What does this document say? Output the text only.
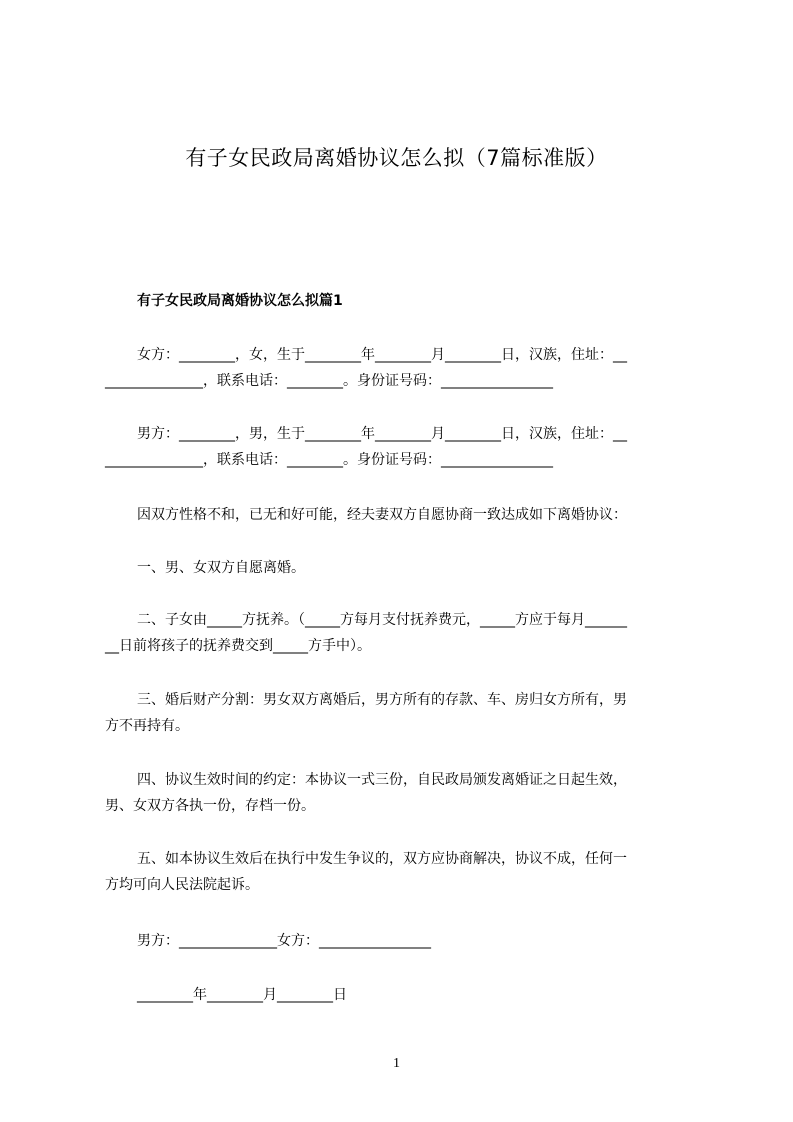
有子女民政局离婚协议怎么拟（7篇标准版）
有子女民政局离婚协议怎么拟篇1
女方：________，女，生于________年________月________日，汉族，住址：__
______________，联系电话：________。身份证号码：________________
男方：________，男，生于________年________月________日，汉族，住址：__
______________，联系电话：________。身份证号码：________________
因双方性格不和，已无和好可能，经夫妻双方自愿协商一致达成如下离婚协议：
一、男、女双方自愿离婚。
二、子女由_____方抚养。（_____方每月支付抚养费元，_____方应于每月______
__日前将孩子的抚养费交到_____方手中）。
三、婚后财产分割：男女双方离婚后，男方所有的存款、车、房归女方所有，男
方不再持有。
四、协议生效时间的约定：本协议一式三份，自民政局颁发离婚证之日起生效，
男、女双方各执一份，存档一份。
五、如本协议生效后在执行中发生争议的，双方应协商解决，协议不成，任何一
方均可向人民法院起诉。
男方：______________女方：________________
________年________月________日
1
